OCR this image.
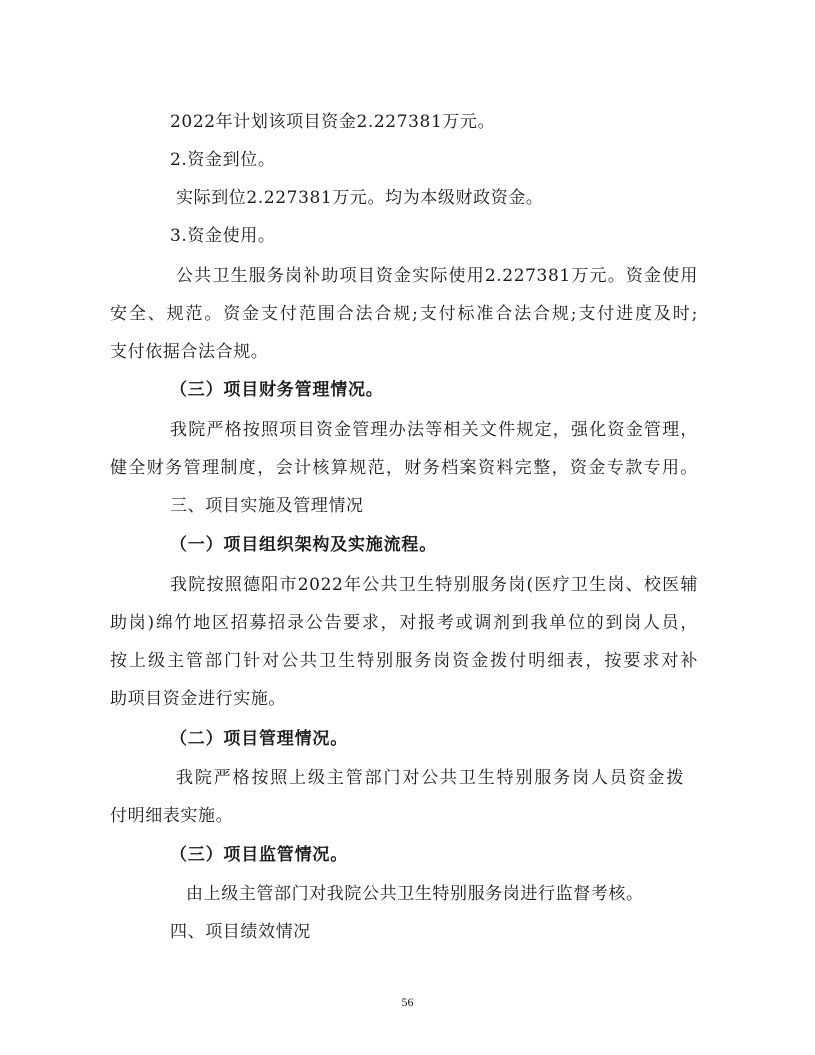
2022年计划该项目资金2.227381万元。
2.资金到位。
实际到位2.227381万元。均为本级财政资金。
3.资金使用。
公共卫生服务岗补助项目资金实际使用2.227381万元。资金使用
安全、规范。资金支付范围合法合规;支付标准合法合规;支付进度及时;
支付依据合法合规。
（三）项目财务管理情况。
我院严格按照项目资金管理办法等相关文件规定，强化资金管理，
健全财务管理制度，会计核算规范，财务档案资料完整，资金专款专用。
三、项目实施及管理情况
（一）项目组织架构及实施流程。
我院按照德阳市2022年公共卫生特别服务岗(医疗卫生岗、校医辅
助岗)绵竹地区招募招录公告要求，对报考或调剂到我单位的到岗人员，
按上级主管部门针对公共卫生特别服务岗资金拨付明细表，按要求对补
助项目资金进行实施。
（二）项目管理情况。
我院严格按照上级主管部门对公共卫生特别服务岗人员资金拨
付明细表实施。
（三）项目监管情况。
由上级主管部门对我院公共卫生特别服务岗进行监督考核。
四、项目绩效情况
56
